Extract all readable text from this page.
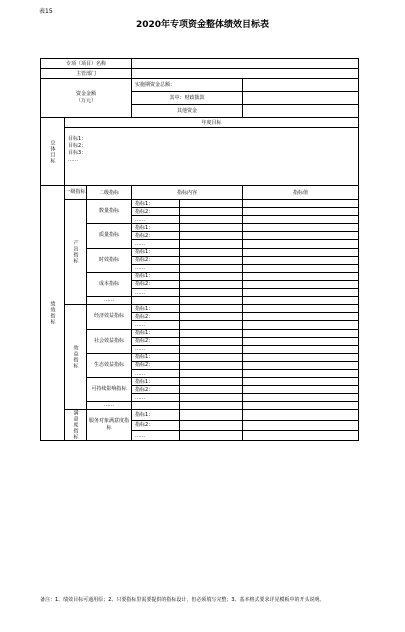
表15
2020年专项资金整体绩效目标表
专项（项目）名称					
主管部门					
资金金额
（万元）			实施期资金总额：		
			其中：财政拨款		
			其他资金		

总体目标	年度目标				

	目标1：
目标2：
目标3：
……				

绩效指标	一级指标	二级指标	指标内容		指标值

	产出指标	数量指标	指标1：		
			指标2：		
			……		
		质量指标	指标1：		
			指标2：		
			……		
		时效指标	指标1：		
			指标2：		
			……		
		成本指标	指标1：		
			指标2：		
			……		
		……			

	效益指标	经济效益指标	指标1：		
			指标2：		
			……		
		社会效益指标	指标1：		
			指标2：		
			……		
		生态效益指标	指标1：		
			指标2：		
			……		
		可持续影响指标	指标1：		
			指标2：		
			……		
		……			

	满意度指标	服务对象满意度指标	指标1：		
			指标2：		
			……		
备注：1、绩效目标可通用原；2、只要指标里需要提供的指标设计，但必须填写完整；3、基本格式要求详见模板中的开头说明。
